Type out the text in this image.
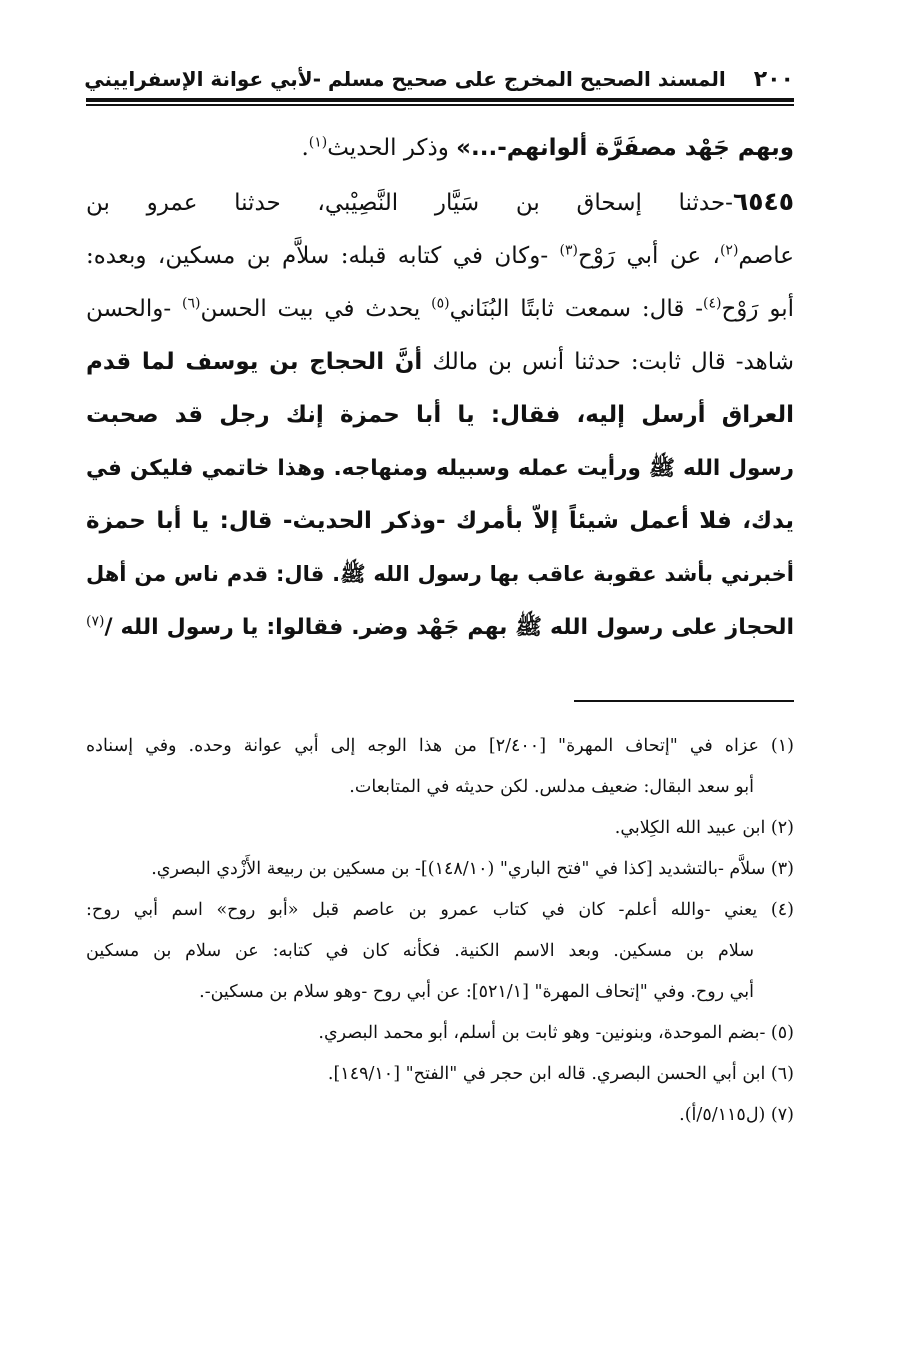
٢٠٠
المسند الصحيح المخرج على صحيح مسلم -لأبي عوانة الإسفراييني
وبهم جَهْد مصفَرَّة ألوانهم-...» وذكر الحديث$^{(١)}$.
٦٥٤٥-حدثنا إسحاق بن سَيَّار النَّصِيْبي، حدثنا عمرو بن
عاصم$^{(٢)}$، عن أبي رَوْح$^{(٣)}$ -وكان في كتابه قبله: سلاَّم بن مسكين، وبعده:
أبو رَوْح$^{(٤)}$- قال: سمعت ثابتًا البُنَاني$^{(٥)}$ يحدث في بيت الحسن$^{(٦)}$ -والحسن
شاهد- قال ثابت: حدثنا أنس بن مالك أنَّ الحجاج بن يوسف لما قدم
العراق أرسل إليه، فقال: يا أبا حمزة إنك رجل قد صحبت
رسول الله ﷺ ورأيت عمله وسبيله ومنهاجه. وهذا خاتمي فليكن في
يدك، فلا أعمل شيئاً إلاّ بأمرك -وذكر الحديث- قال: يا أبا حمزة
أخبرني بأشد عقوبة عاقب بها رسول الله ﷺ. قال: قدم ناس من أهل
الحجاز على رسول الله ﷺ بهم جَهْد وضر. فقالوا: يا رسول الله /$^{(٧)}$
(١) عزاه في "إتحاف المهرة" [٢/٤٠٠] من هذا الوجه إلى أبي عوانة وحده. وفي إسناده
أبو سعد البقال: ضعيف مدلس. لكن حديثه في المتابعات.
(٢) ابن عبيد الله الكِلابي.
(٣) سلاَّم -بالتشديد [كذا في "فتح الباري" (١٤٨/١٠)]- بن مسكين بن ربيعة الأَزْدي البصري.
(٤) يعني -والله أعلم- كان في كتاب عمرو بن عاصم قبل «أبو روح» اسم أبي روح:
سلام بن مسكين. وبعد الاسم الكنية. فكأنه كان في كتابه: عن سلام بن مسكين
أبي روح. وفي "إتحاف المهرة" [٥٢١/١]: عن أبي روح -وهو سلام بن مسكين-.
(٥) -بضم الموحدة، وبنونين- وهو ثابت بن أسلم، أبو محمد البصري.
(٦) ابن أبي الحسن البصري. قاله ابن حجر في "الفتح" [١٤٩/١٠].
(٧) (ل٥/١١٥/أ).
